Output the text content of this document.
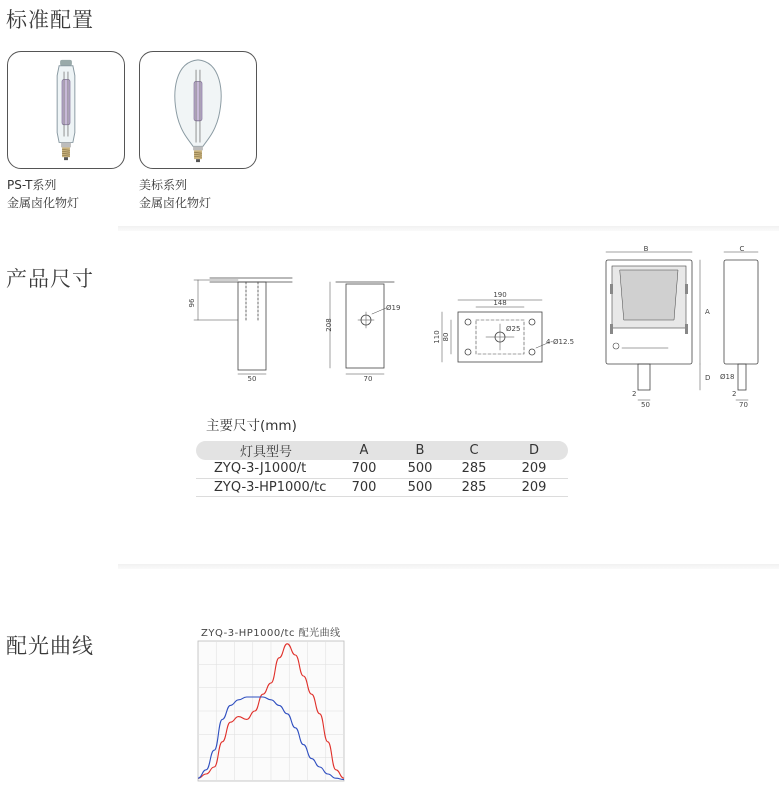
标准配置
PS-T系列
金属卤化物灯
美标系列
金属卤化物灯
产品尺寸
96
50
208
70
Ø19
190
148
110 80
Ø25
4-Ø12.5
B
A
D
2
50
C
Ø18
2
70
主要尺寸(mm)
灯具型号	A	B	C	D
ZYQ-3-J1000/t	700	500	285	209
ZYQ-3-HP1000/tc	700	500	285	209
配光曲线
ZYQ-3-HP1000/tc 配光曲线
